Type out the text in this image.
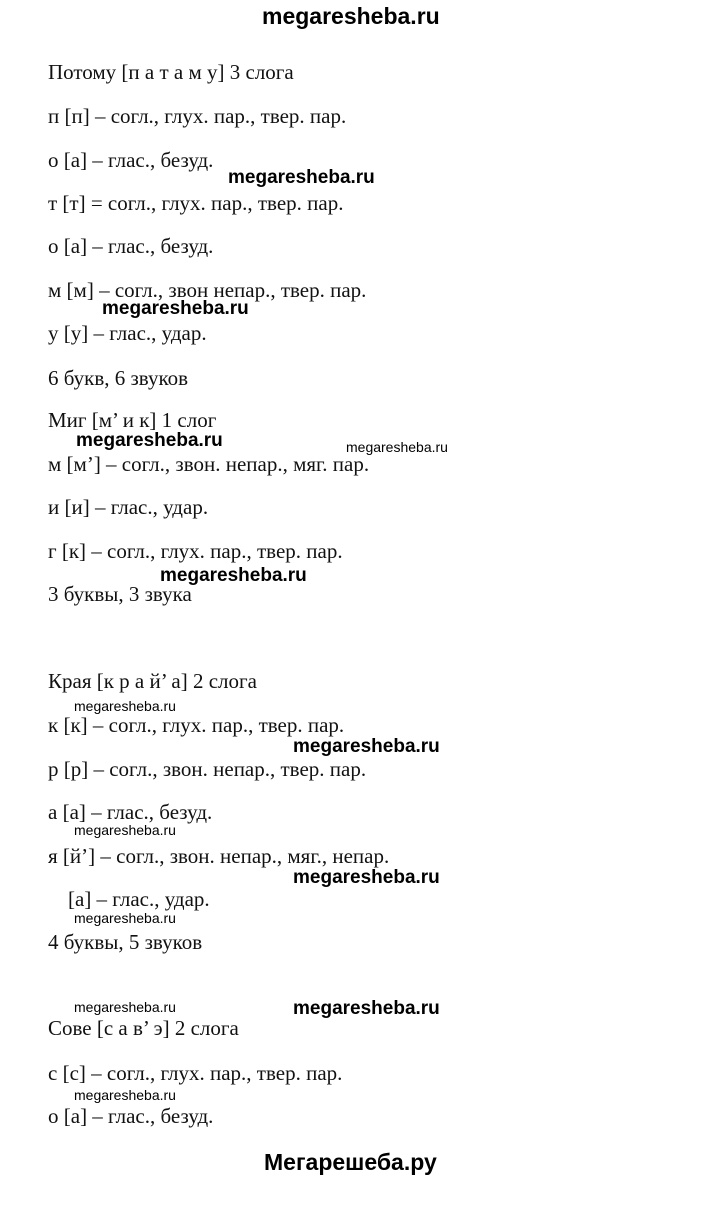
megaresheba.ru

Потому [п а т а м у] 3 слога

п [п] – согл., глух. пар., твер. пар.

о [а] – глас., безуд.

т [т] = согл., глух. пар., твер. пар.

о [а] – глас., безуд.

м [м] – согл., звон непар., твер. пар.

у [у] – глас., удар.

6 букв, 6 звуков

Миг [м’ и к] 1 слог

м [м’] – согл., звон. непар., мяг. пар.

и [и] – глас., удар.

г [к] – согл., глух. пар., твер. пар.

3 буквы, 3 звука

Края [к р а й’ а] 2 слога

к [к] – согл., глух. пар., твер. пар.

р [р] – согл., звон. непар., твер. пар.

а [а] – глас., безуд.

я [й’] – согл., звон. непар., мяг., непар.

[а] – глас., удар.

4 буквы, 5 звуков

Сове [с а в’ э] 2 слога

с [с] – согл., глух. пар., твер. пар.

о [а] – глас., безуд.

megaresheba.ru
megaresheba.ru
megaresheba.ru	megaresheba.ru
megaresheba.ru
megaresheba.ru
megaresheba.ru
megaresheba.ru
megaresheba.ru
megaresheba.ru
megaresheba.ru	megaresheba.ru
megaresheba.ru
Мегарешеба.ру
